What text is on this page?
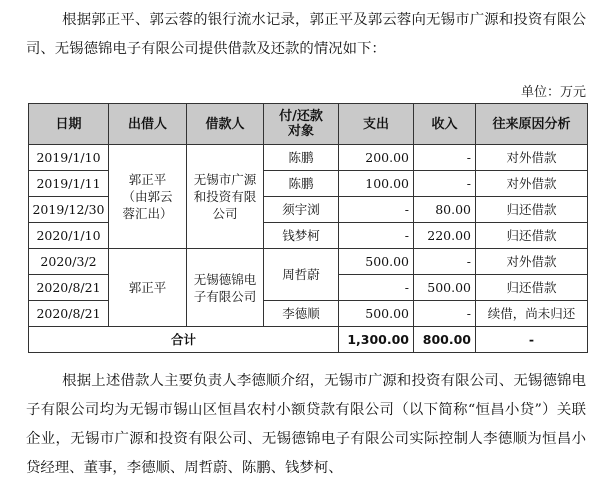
根据郭正平、郭云蓉的银行流水记录，郭正平及郭云蓉向无锡市广源和投资有限公司、无锡德锦电子有限公司提供借款及还款的情况如下：

单位：万元
日期	出借人	借款人	付/还款对象	支出	收入	往来原因分析
2019/1/10	郭正平（由郭云蓉汇出）	无锡市广源和投资有限公司	陈鹏	200.00	-	对外借款
2019/1/11			陈鹏	100.00	-	对外借款
2019/12/30			须宇浏	-	80.00	归还借款
2020/1/10			钱梦柯	-	220.00	归还借款
2020/3/2	郭正平	无锡德锦电子有限公司	周哲蔚	500.00	-	对外借款
2020/8/21				-	500.00	归还借款
2020/8/21			李德顺	500.00	-	续借，尚未归还
合计				1,300.00	800.00	-

根据上述借款人主要负责人李德顺介绍，无锡市广源和投资有限公司、无锡德锦电子有限公司均为无锡市锡山区恒昌农村小额贷款有限公司（以下简称“恒昌小贷”）关联企业，无锡市广源和投资有限公司、无锡德锦电子有限公司实际控制人李德顺为恒昌小贷经理、董事，李德顺、周哲蔚、陈鹏、钱梦柯、
